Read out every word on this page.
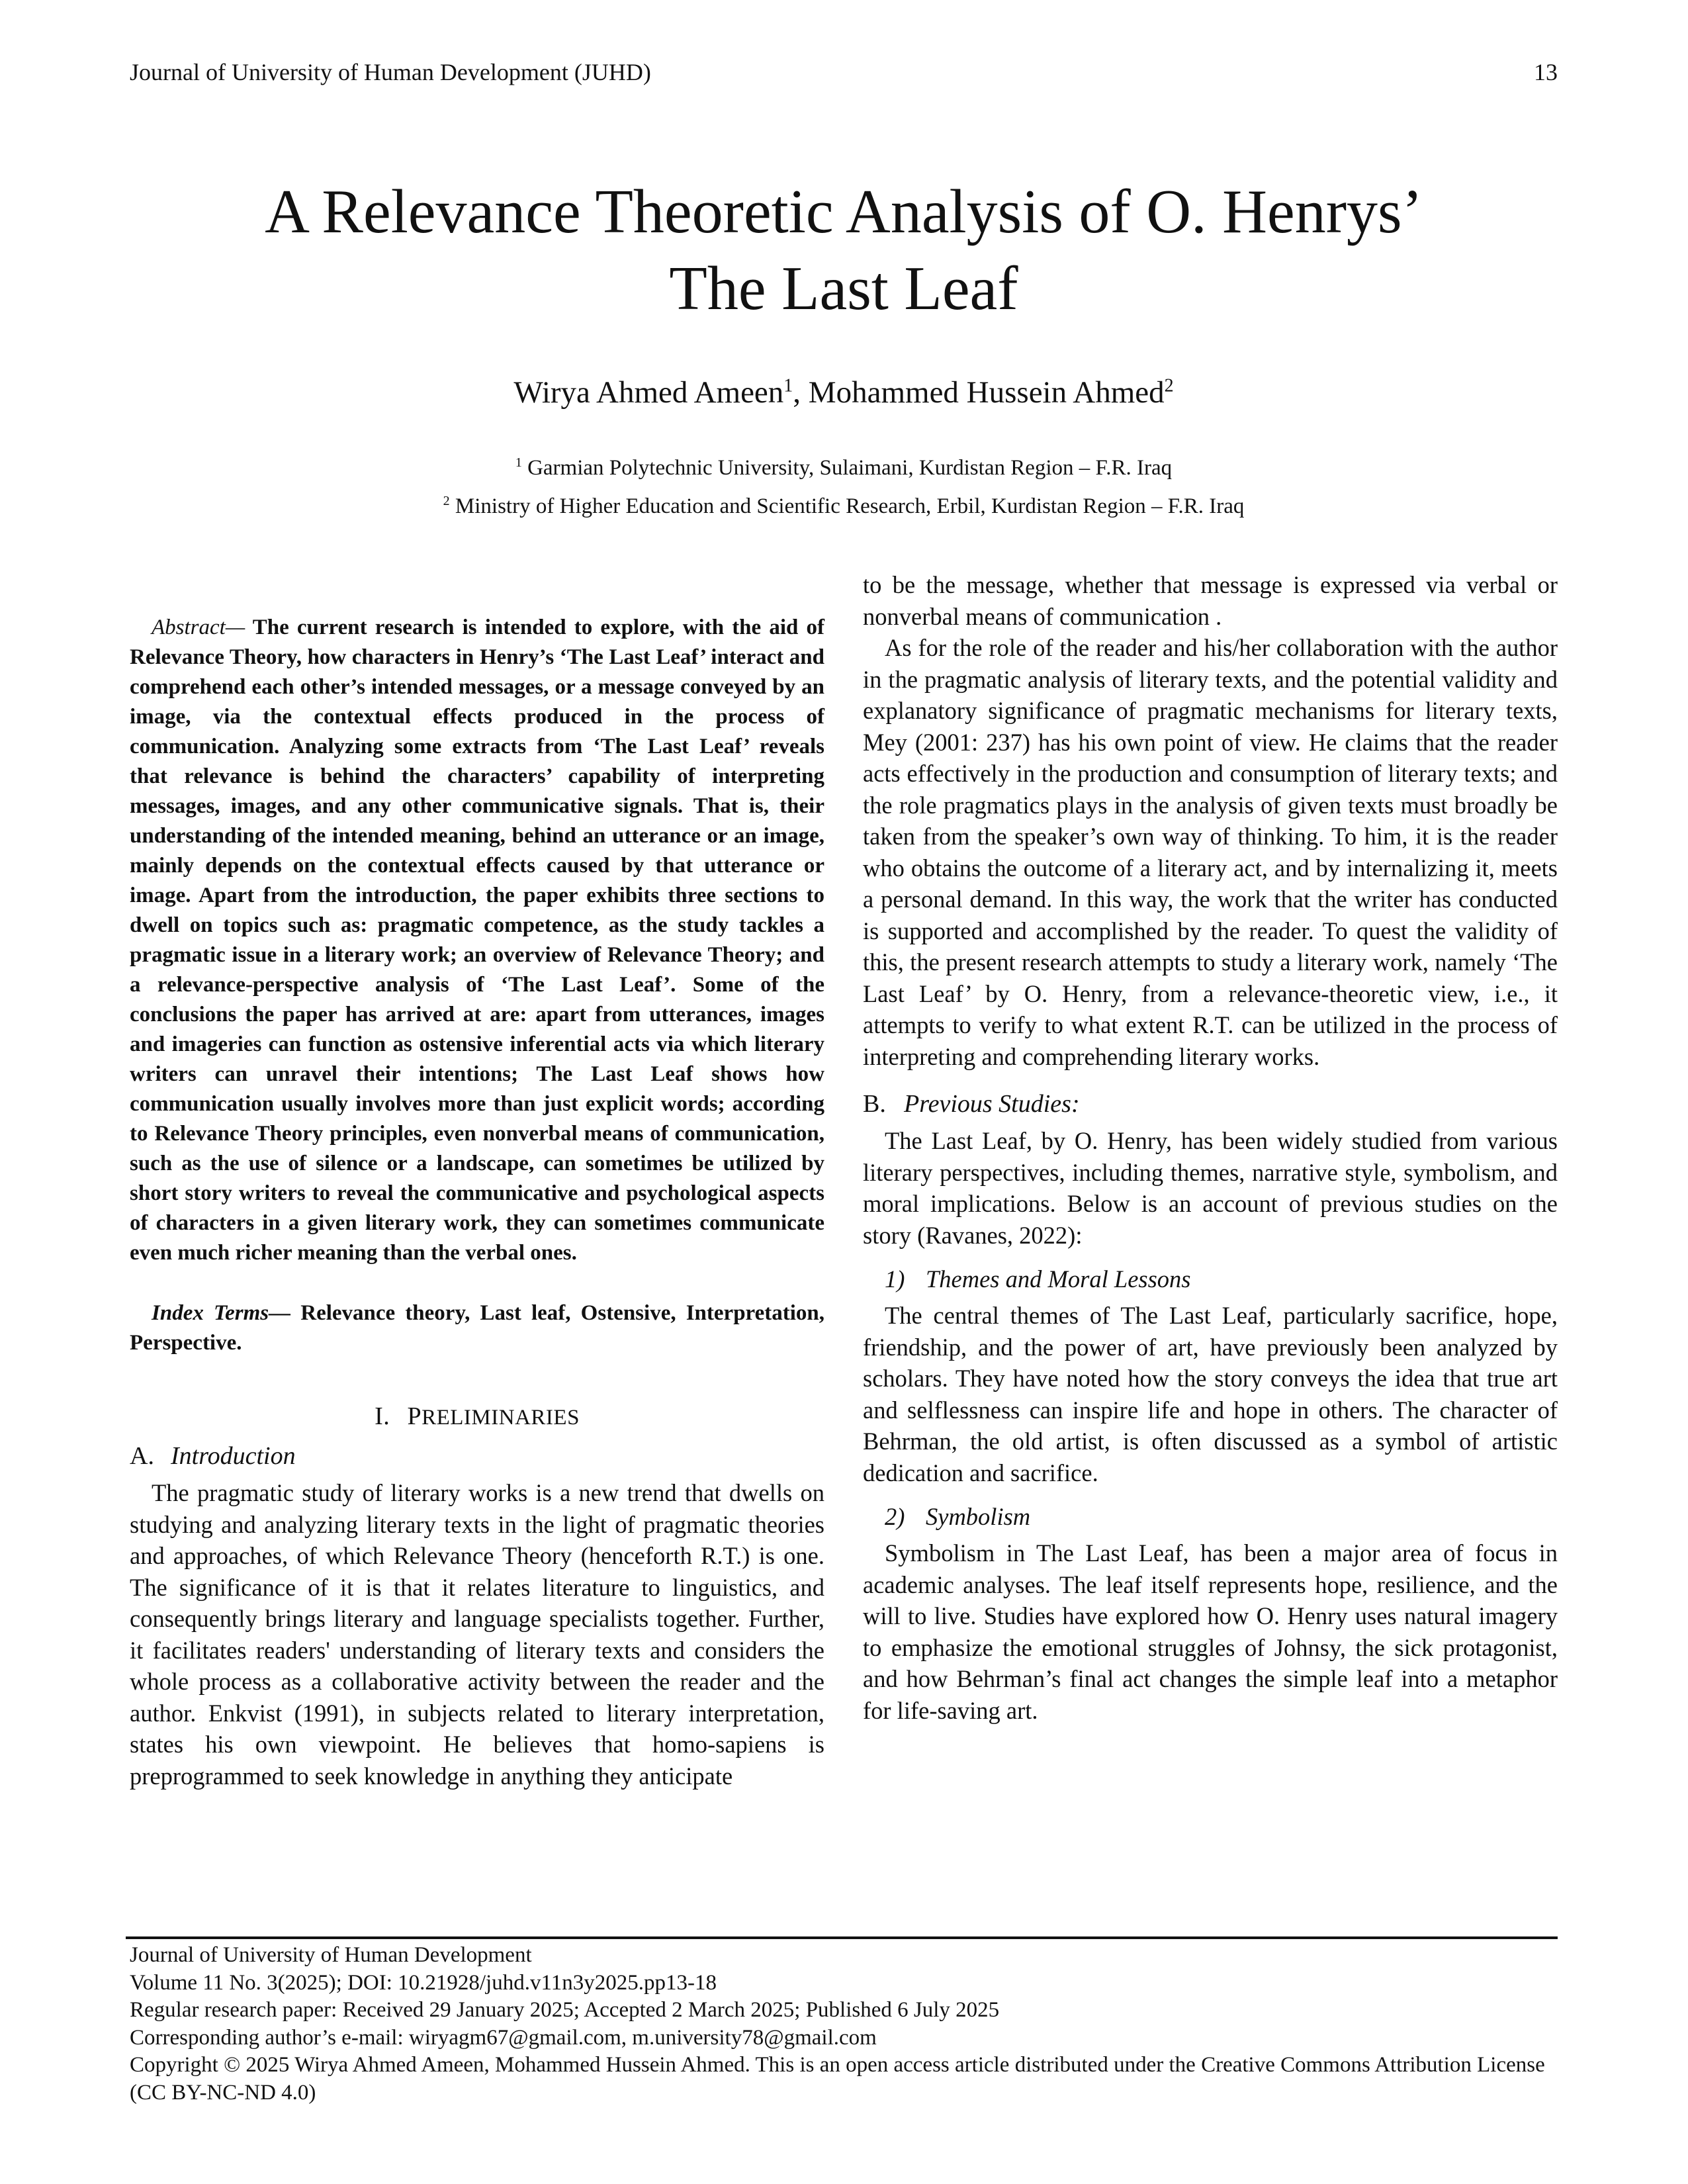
Journal of University of Human Development (JUHD)	13
A Relevance Theoretic Analysis of O. Henrys’
The Last Leaf
Wirya Ahmed Ameen$^1$, Mohammed Hussein Ahmed$^2$
$^1$ Garmian Polytechnic University, Sulaimani, Kurdistan Region – F.R. Iraq
$^2$ Ministry of Higher Education and Scientific Research, Erbil, Kurdistan Region – F.R. Iraq

Abstract— The current research is intended to explore, with the aid of Relevance Theory, how characters in Henry’s ‘The Last Leaf’ interact and comprehend each other’s intended messages, or a message conveyed by an image, via the contextual effects produced in the process of communication. Analyzing some extracts from ‘The Last Leaf’ reveals that relevance is behind the characters’ capability of interpreting messages, images, and any other communicative signals. That is, their understanding of the intended meaning, behind an utterance or an image, mainly depends on the contextual effects caused by that utterance or image. Apart from the introduction, the paper exhibits three sections to dwell on topics such as: pragmatic competence, as the study tackles a pragmatic issue in a literary work; an overview of Relevance Theory; and a relevance-perspective analysis of ‘The Last Leaf’. Some of the conclusions the paper has arrived at are: apart from utterances, images and imageries can function as ostensive inferential acts via which literary writers can unravel their intentions; The Last Leaf shows how communication usually involves more than just explicit words; according to Relevance Theory principles, even nonverbal means of communication, such as the use of silence or a landscape, can sometimes be utilized by short story writers to reveal the communicative and psychological aspects of characters in a given literary work, they can sometimes communicate even much richer meaning than the verbal ones.

Index Terms— Relevance theory, Last leaf, Ostensive, Interpretation, Perspective.

I. PRELIMINARIES
A. Introduction

The pragmatic study of literary works is a new trend that dwells on studying and analyzing literary texts in the light of pragmatic theories and approaches, of which Relevance Theory (henceforth R.T.) is one. The significance of it is that it relates literature to linguistics, and consequently brings literary and language specialists together. Further, it facilitates readers' understanding of literary texts and considers the whole process as a collaborative activity between the reader and the author. Enkvist (1991), in subjects related to literary interpretation, states his own viewpoint. He believes that homo-sapiens is preprogrammed to seek knowledge in anything they anticipate

to be the message, whether that message is expressed via verbal or nonverbal means of communication .

As for the role of the reader and his/her collaboration with the author in the pragmatic analysis of literary texts, and the potential validity and explanatory significance of pragmatic mechanisms for literary texts, Mey (2001: 237) has his own point of view. He claims that the reader acts effectively in the production and consumption of literary texts; and the role pragmatics plays in the analysis of given texts must broadly be taken from the speaker’s own way of thinking. To him, it is the reader who obtains the outcome of a literary act, and by internalizing it, meets a personal demand. In this way, the work that the writer has conducted is supported and accomplished by the reader. To quest the validity of this, the present research attempts to study a literary work, namely ‘The Last Leaf’ by O. Henry, from a relevance-theoretic view, i.e., it attempts to verify to what extent R.T. can be utilized in the process of interpreting and comprehending literary works.

B. Previous Studies:

The Last Leaf, by O. Henry, has been widely studied from various literary perspectives, including themes, narrative style, symbolism, and moral implications. Below is an account of previous studies on the story (Ravanes, 2022):

1) Themes and Moral Lessons

The central themes of The Last Leaf, particularly sacrifice, hope, friendship, and the power of art, have previously been analyzed by scholars. They have noted how the story conveys the idea that true art and selflessness can inspire life and hope in others. The character of Behrman, the old artist, is often discussed as a symbol of artistic dedication and sacrifice.

2) Symbolism

Symbolism in The Last Leaf, has been a major area of focus in academic analyses. The leaf itself represents hope, resilience, and the will to live. Studies have explored how O. Henry uses natural imagery to emphasize the emotional struggles of Johnsy, the sick protagonist, and how Behrman’s final act changes the simple leaf into a metaphor for life-saving art.

Journal of University of Human Development
Volume 11 No. 3(2025); DOI: 10.21928/juhd.v11n3y2025.pp13-18
Regular research paper: Received 29 January 2025; Accepted 2 March 2025; Published 6 July 2025
Corresponding author’s e-mail: wiryagm67@gmail.com, m.university78@gmail.com
Copyright © 2025 Wirya Ahmed Ameen, Mohammed Hussein Ahmed. This is an open access article distributed under the Creative Commons Attribution License (CC BY-NC-ND 4.0)
